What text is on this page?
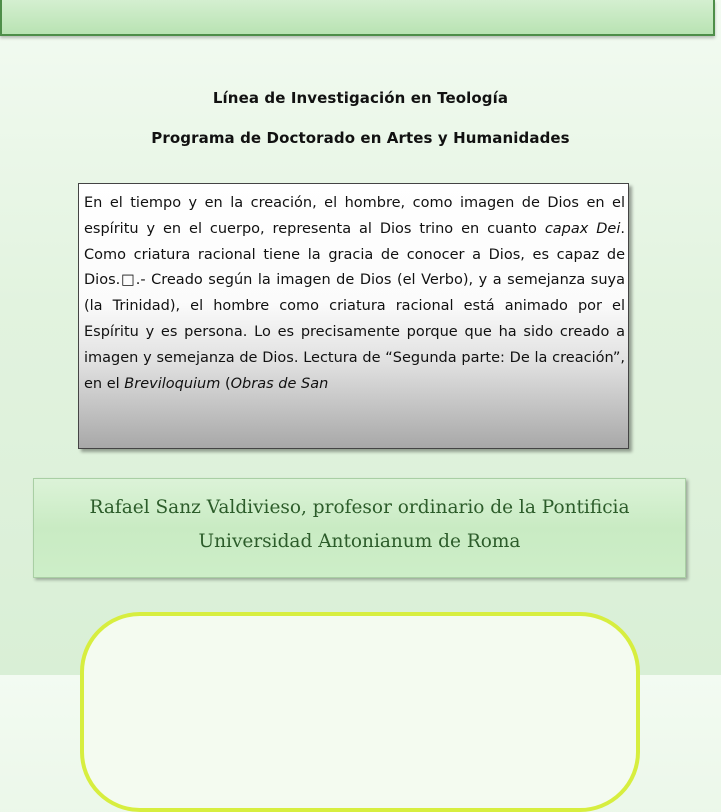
Línea de Investigación en Teología
Programa de Doctorado en Artes y Humanidades

En el tiempo y en la creación, el hombre, como imagen de Dios en el espíritu y en el cuerpo, representa al Dios trino en cuanto capax Dei. Como criatura racional tiene la gracia de conocer a Dios, es capaz de Dios.□.- Creado según la imagen de Dios (el Verbo), y a semejanza suya (la Trinidad), el hombre como criatura racional está animado por el Espíritu y es persona. Lo es precisamente porque que ha sido creado a imagen y semejanza de Dios. Lectura de “Segunda parte: De la creación”, en el Breviloquium (Obras de San

Rafael Sanz Valdivieso, profesor ordinario de la Pontificia
Universidad Antonianum de Roma
